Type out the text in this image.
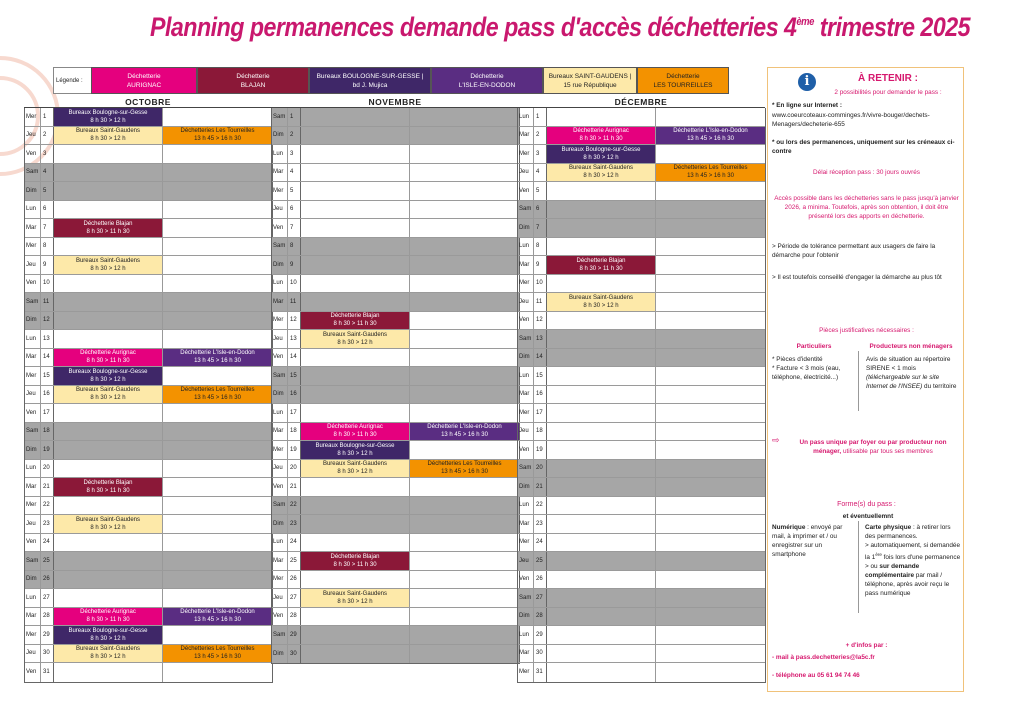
Planning permanences demande pass d'accès déchetteries 4ème trimestre 2025
Légende :
Déchetterie
AURIGNAC
Déchetterie
BLAJAN
Bureaux BOULOGNE-SUR-GESSE |
bd J. Mujica
Déchetterie
L'ISLE-EN-DODON
Bureaux SAINT-GAUDENS |
15 rue République
Déchetterie
LES TOURREILLES
OCTOBRE
Mer	1
Bureaux Boulogne-sur-Gesse
8 h 30 > 12 h
Jeu	2
Bureaux Saint-Gaudens
8 h 30 > 12 h
Déchetteries Les Tourreilles
13 h 45 > 16 h 30
Ven	3
Sam 4
Dim	5
Lun	6
Mar	7
Déchetterie Blajan
8 h 30 > 11 h 30
Mer	8
Jeu	9
Bureaux Saint-Gaudens
8 h 30 > 12 h
Ven	10
Sam 11
Dim	12
Lun	13
Mar	14
Déchetterie Aurignac
8 h 30 > 11 h 30
Déchetterie L'Isle-en-Dodon
13 h 45 > 16 h 30
Mer	15
Bureaux Boulogne-sur-Gesse
8 h 30 > 12 h
Jeu	16
Bureaux Saint-Gaudens
8 h 30 > 12 h
Déchetteries Les Tourreilles
13 h 45 > 16 h 30
Ven	17
Sam 18
Dim	19
Lun	20
Mar	21
Déchetterie Blajan
8 h 30 > 11 h 30
Mer	22
Jeu	23
Bureaux Saint-Gaudens
8 h 30 > 12 h
Ven	24
Sam 25
Dim	26
Lun	27
Mar	28
Déchetterie Aurignac
8 h 30 > 11 h 30
Déchetterie L'Isle-en-Dodon
13 h 45 > 16 h 30
Mer	29
Bureaux Boulogne-sur-Gesse
8 h 30 > 12 h
Jeu	30
Bureaux Saint-Gaudens
8 h 30 > 12 h
Déchetteries Les Tourreilles
13 h 45 > 16 h 30
Ven	31
NOVEMBRE
Sam 1
Dim	2
Lun	3
Mar	4
Mer	5
Jeu	6
Ven	7
Sam 8
Dim	9
Lun	10
Mar	11
Mer	12
Déchetterie Blajan
8 h 30 > 11 h 30
Jeu	13
Bureaux Saint-Gaudens
8 h 30 > 12 h
Ven	14
Sam 15
Dim	16
Lun	17
Mar	18
Déchetterie Aurignac
8 h 30 > 11 h 30
Déchetterie L'Isle-en-Dodon
13 h 45 > 16 h 30
Mer	19
Bureaux Boulogne-sur-Gesse
8 h 30 > 12 h
Jeu	20
Bureaux Saint-Gaudens
8 h 30 > 12 h
Déchetteries Les Tourreilles
13 h 45 > 16 h 30
Ven	21
Sam 22
Dim	23
Lun	24
Mar	25
Déchetterie Blajan
8 h 30 > 11 h 30
Mer	26
Jeu	27
Bureaux Saint-Gaudens
8 h 30 > 12 h
Ven	28
Sam 29
Dim	30
DÉCEMBRE
Lun	1
Mar	2
Déchetterie Aurignac
8 h 30 > 11 h 30
Déchetterie L'Isle-en-Dodon
13 h 45 > 16 h 30
Mer	3
Bureaux Boulogne-sur-Gesse
8 h 30 > 12 h
Jeu	4
Bureaux Saint-Gaudens
8 h 30 > 12 h
Déchetteries Les Tourreilles
13 h 45 > 16 h 30
Ven	5
Sam 6
Dim	7
Lun	8
Mar	9
Déchetterie Blajan
8 h 30 > 11 h 30
Mer	10
Jeu	11
Bureaux Saint-Gaudens
8 h 30 > 12 h
Ven	12
Sam 13
Dim	14
Lun	15
Mar	16
Mer	17
Jeu	18
Ven	19
Sam 20
Dim	21
Lun	22
Mar	23
Mer	24
Jeu	25
Ven	26
Sam 27
Dim	28
Lun	29
Mar	30
Mer	31
i	À RETENIR :
2 possibilités pour demander le pass :
* En ligne sur Internet :
www.coeurcoteaux-comminges.fr/vivre-bouger/dechets-Menagers/decheterie-655
* ou lors des permanences, uniquement sur les créneaux ci-contre
Délai réception pass : 30 jours ouvrés
Accès possible dans les déchetteries sans le pass jusqu'à janvier 2026, a minima. Toutefois, après son obtention, il doit être présenté lors des apports en déchetterie.
> Période de tolérance permettant aux usagers de faire la démarche pour l'obtenir
> Il est toutefois conseillé d'engager la démarche au plus tôt
Pièces justificatives nécessaires :
Particuliers	Producteurs non ménagers
* Pièces d'identité
* Facture < 3 mois (eau, téléphone, électricité...)
Avis de situation au répertoire SIRENE < 1 mois
(téléchargeable sur le site Internet de l'INSEE) du territoire
⇨	Un pass unique par foyer ou par producteur non ménager, utilisable par tous ses membres
Forme(s) du pass :
et éventuellemnt
Numérique : envoyé par mail, à imprimer et / ou enregistrer sur un smartphone
Carte physique : à retirer lors des permanences.
> automatiquement, si demandée la 1ère fois lors d'une permanence
> ou sur demande complémentaire par mail / téléphone, après avoir reçu le pass numérique
+ d'infos par :
- mail à pass.dechetteries@la5c.fr
- téléphone au 05 61 94 74 46
